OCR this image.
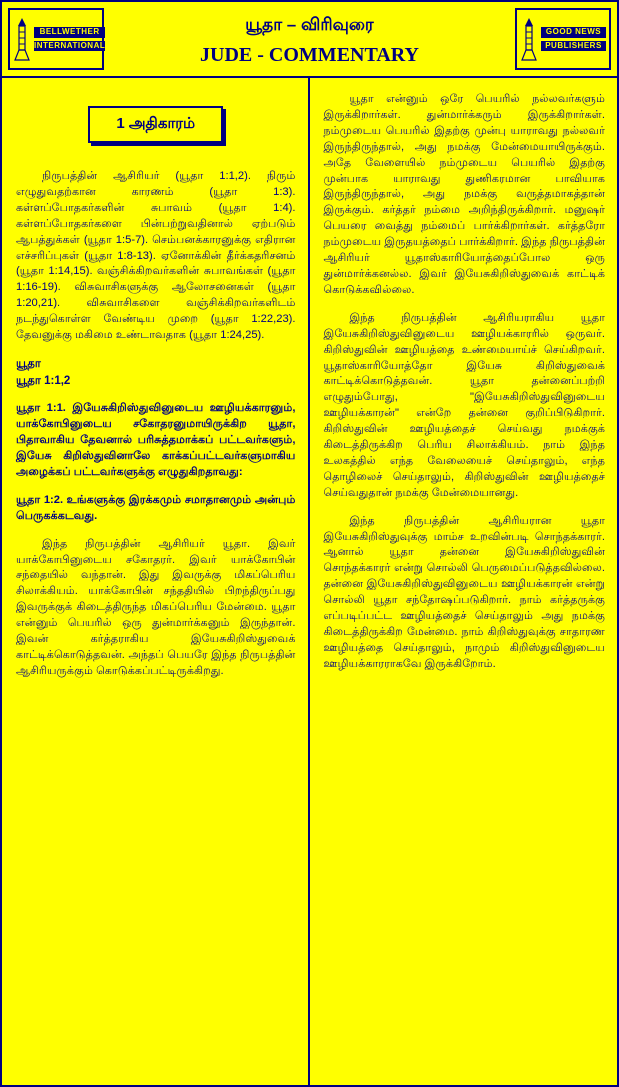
BELLWETHER
INTERNATIONAL
யூதா – விரிவுரை
JUDE - COMMENTARY
GOOD NEWS
PUBLISHERS
1 அதிகாரம்

நிருபத்தின் ஆசிரியர் (யூதா 1:1,2). நிரும் எழுதுவதற்கான காரணம் (யூதா 1:3). கள்ளப்போதகர்களின் சுபாவம் (யூதா 1:4). கள்ளப்போதகர்களை பின்பற்றுவதினால் ஏற்படும் ஆபத்துக்கள் (யூதா 1:5-7). செம்பனக்காரனுக்கு எதிரான எச்சரிப்புகள் (யூதா 1:8-13). ஏனோக்கின் தீர்க்கதரிசனம் (யூதா 1:14,15). வஞ்சிக்கிறவர்களின் சுபாவங்கள் (யூதா 1:16-19). விசுவாசிகளுக்கு ஆலோசனைகள் (யூதா 1:20,21). விசுவாசிகளை வஞ்சிக்கிறவர்களிடம் நடந்துகொள்ள வேண்டிய முறை (யூதா 1:22,23). தேவனுக்கு மகிமை உண்டாவதாக (யூதா 1:24,25).

யூதா
யூதா 1:1,2

யூதா 1:1. இயேசுகிறிஸ்துவினுடைய ஊழியக்காரனும், யாக்கோபினுடைய சகோதரனுமாயிருக்கிற யூதா, பிதாவாகிய தேவனால் பரிசுத்தமாக்கப் பட்டவர்களும், இயேசு கிறிஸ்துவினாலே காக்கப்பட்டவர்களுமாகிய அழைக்கப் பட்டவர்களுக்கு எழுதுகிறதாவது:

யூதா 1:2. உங்களுக்கு இரக்கமும் சமாதானமும் அன்பும் பெருகக்கடவது.

இந்த நிருபத்தின் ஆசிரியர் யூதா. இவர் யாக்கோபினுடைய சகோதரர். இவர் யாக்கோபின் சந்தையில் வந்தான். இது இவருக்கு மிகப்பெரிய சிலாக்கியம். யாக்கோபின் சந்ததியில் பிறந்திருப்பது இவருக்குக் கிடைத்திருந்த மிகப்பெரிய மேன்மை. யூதா என்னும் பெயரில் ஒரு துன்மார்க்கனும் இருந்தான். இவன் கர்த்தராகிய இயேசுகிறிஸ்துவைக் காட்டிக்கொடுத்தவன். அந்தப் பெயரே இந்த நிருபத்தின் ஆசிரியருக்கும் கொடுக்கப்பட்டிருக்கிறது.

யூதா என்னும் ஒரே பெயரில் நல்லவர்களும் இருக்கிறார்கள். துன்மார்க்கரும் இருக்கிறார்கள். நம்முடைய பெயரில் இதற்கு முன்பு யாராவது நல்லவர் இருந்திருந்தால், அது நமக்கு மேன்மையாயிருக்கும். அதே வேளையில் நம்முடைய பெயரில் இதற்கு முன்பாக யாராவது துணிகரமான பாவியாக இருந்திருந்தால், அது நமக்கு வருத்தமாகத்தான் இருக்கும். கர்த்தர் நம்மை அறிந்திருக்கிறார். மனுஷர் பெயரை வைத்து நம்மைப் பார்க்கிறார்கள். கர்த்தரோ நம்முடைய இருதயத்தைப் பார்க்கிறார். இந்த நிருபத்தின் ஆசிரியர் யூதாஸ்காரியோத்தைப்போல ஒரு துன்மார்க்கனல்ல. இவர் இயேசுகிறிஸ்துவைக் காட்டிக் கொடுக்கவில்லை.

இந்த நிருபத்தின் ஆசிரியராகிய யூதா இயேசுகிறிஸ்துவினுடைய ஊழியக்காரரில் ஒருவர். கிறிஸ்துவின் ஊழியத்தை உண்மையாய்ச் செய்கிறவர். யூதாஸ்காரியோத்தோ இயேசு கிறிஸ்துவைக் காட்டிக்கொடுத்தவன். யூதா தன்னைப்பற்றி எழுதும்போது, "இயேசுகிறிஸ்துவினுடைய ஊழியக்காரன்" என்றே தன்னை குறிப்பிடுகிறார். கிறிஸ்துவின் ஊழியத்தைச் செய்வது நமக்குக் கிடைத்திருக்கிற பெரிய சிலாக்கியம். நாம் இந்த உலகத்தில் எந்த வேலையைச் செய்தாலும், எந்த தொழிலைச் செய்தாலும், கிறிஸ்துவின் ஊழியத்தைச் செய்வதுதான் நமக்கு மேன்மையானது.

இந்த நிருபத்தின் ஆசிரியரான யூதா இயேசுகிறிஸ்துவுக்கு மாம்ச உறவின்படி சொந்தக்காரர். ஆனால் யூதா தன்னை இயேசுகிறிஸ்துவின் சொந்தக்காரர் என்று சொல்லி பெருமைப்படுத்தவில்லை. தன்னை இயேசுகிறிஸ்துவினுடைய ஊழியக்காரன் என்று சொல்லி யூதா சந்தோஷப்படுகிறார். நாம் கர்த்தருக்கு எப்படிப்பட்ட ஊழியத்தைச் செய்தாலும் அது நமக்கு கிடைத்திருக்கிற மேன்மை. நாம் கிறிஸ்துவுக்கு சாதாரண ஊழியத்தை செய்தாலும், நாமும் கிறிஸ்துவினுடைய ஊழியக்காரராகவே இருக்கிறோம்.
